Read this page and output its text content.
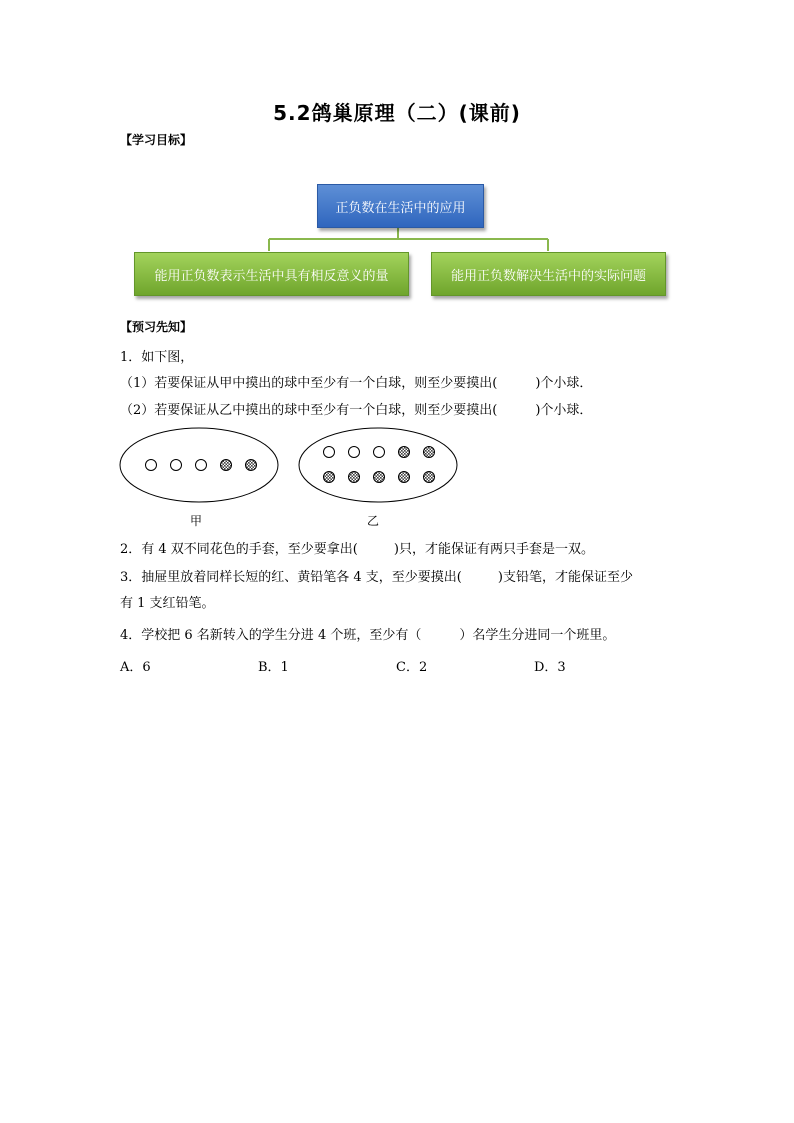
5.2鸽巢原理（二）(课前)
【学习目标】
正负数在生活中的应用
能用正负数表示生活中具有相反意义的量	能用正负数解决生活中的实际问题
【预习先知】
1．如下图，
（1）若要保证从甲中摸出的球中至少有一个白球，则至少要摸出(	)个小球．
（2）若要保证从乙中摸出的球中至少有一个白球，则至少要摸出(	)个小球．
甲	乙
2．有 4 双不同花色的手套，至少要拿出(	)只，才能保证有两只手套是一双。
3．抽屉里放着同样长短的红、黄铅笔各 4 支，至少要摸出(	)支铅笔，才能保证至少
有 1 支红铅笔。
4．学校把 6 名新转入的学生分进 4 个班，至少有（	）名学生分进同一个班里。
A．6	B．1	C．2	D．3
